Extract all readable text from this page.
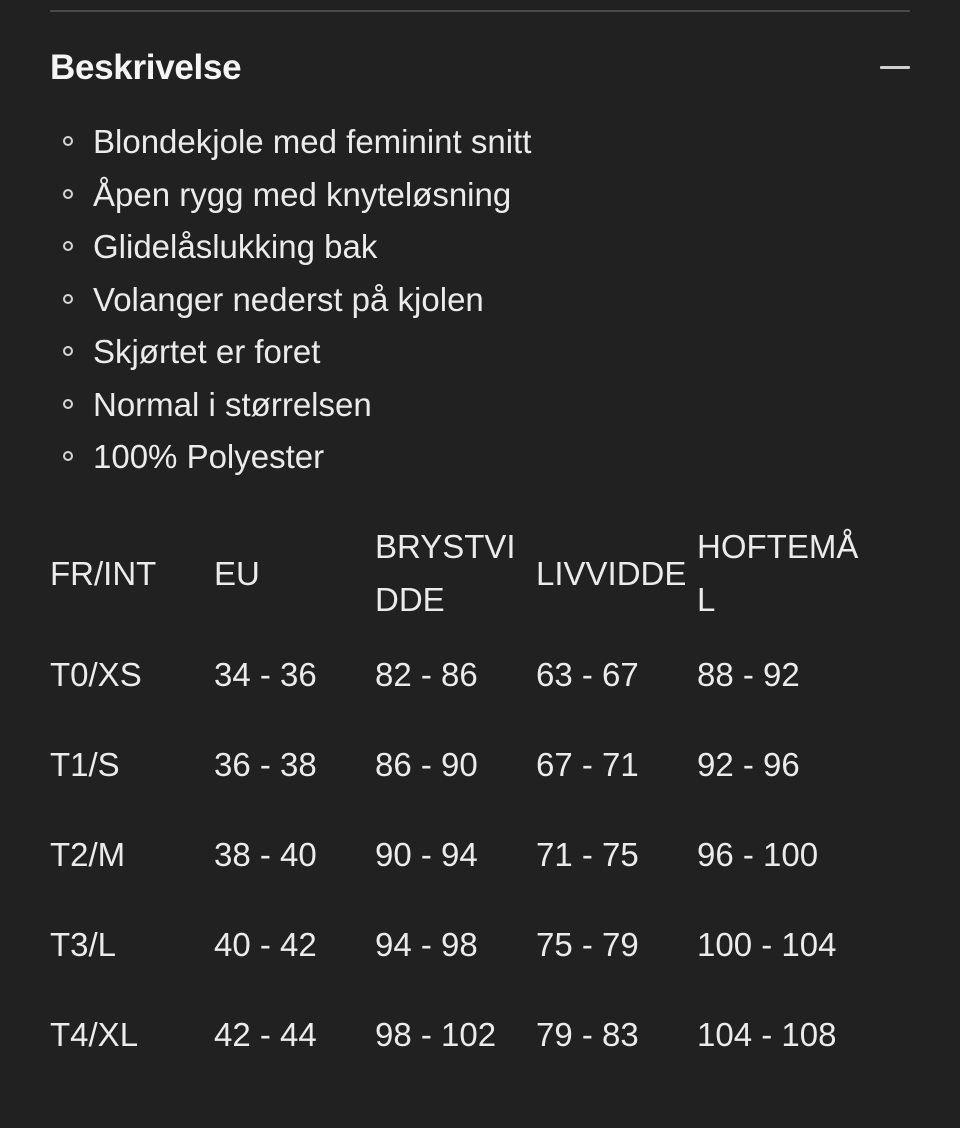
Beskrivelse
Blondekjole med feminint snitt
Åpen rygg med knyteløsning
Glidelåslukking bak
Volanger nederst på kjolen
Skjørtet er foret
Normal i størrelsen
100% Polyester
FR/INT	EU	BRYSTVIDDE	LIVVIDDE	HOFTEMÅL
T0/XS	34 - 36	82 - 86	63 - 67	88 - 92
T1/S	36 - 38	86 - 90	67 - 71	92 - 96
T2/M	38 - 40	90 - 94	71 - 75	96 - 100
T3/L	40 - 42	94 - 98	75 - 79	100 - 104
T4/XL	42 - 44	98 - 102	79 - 83	104 - 108
